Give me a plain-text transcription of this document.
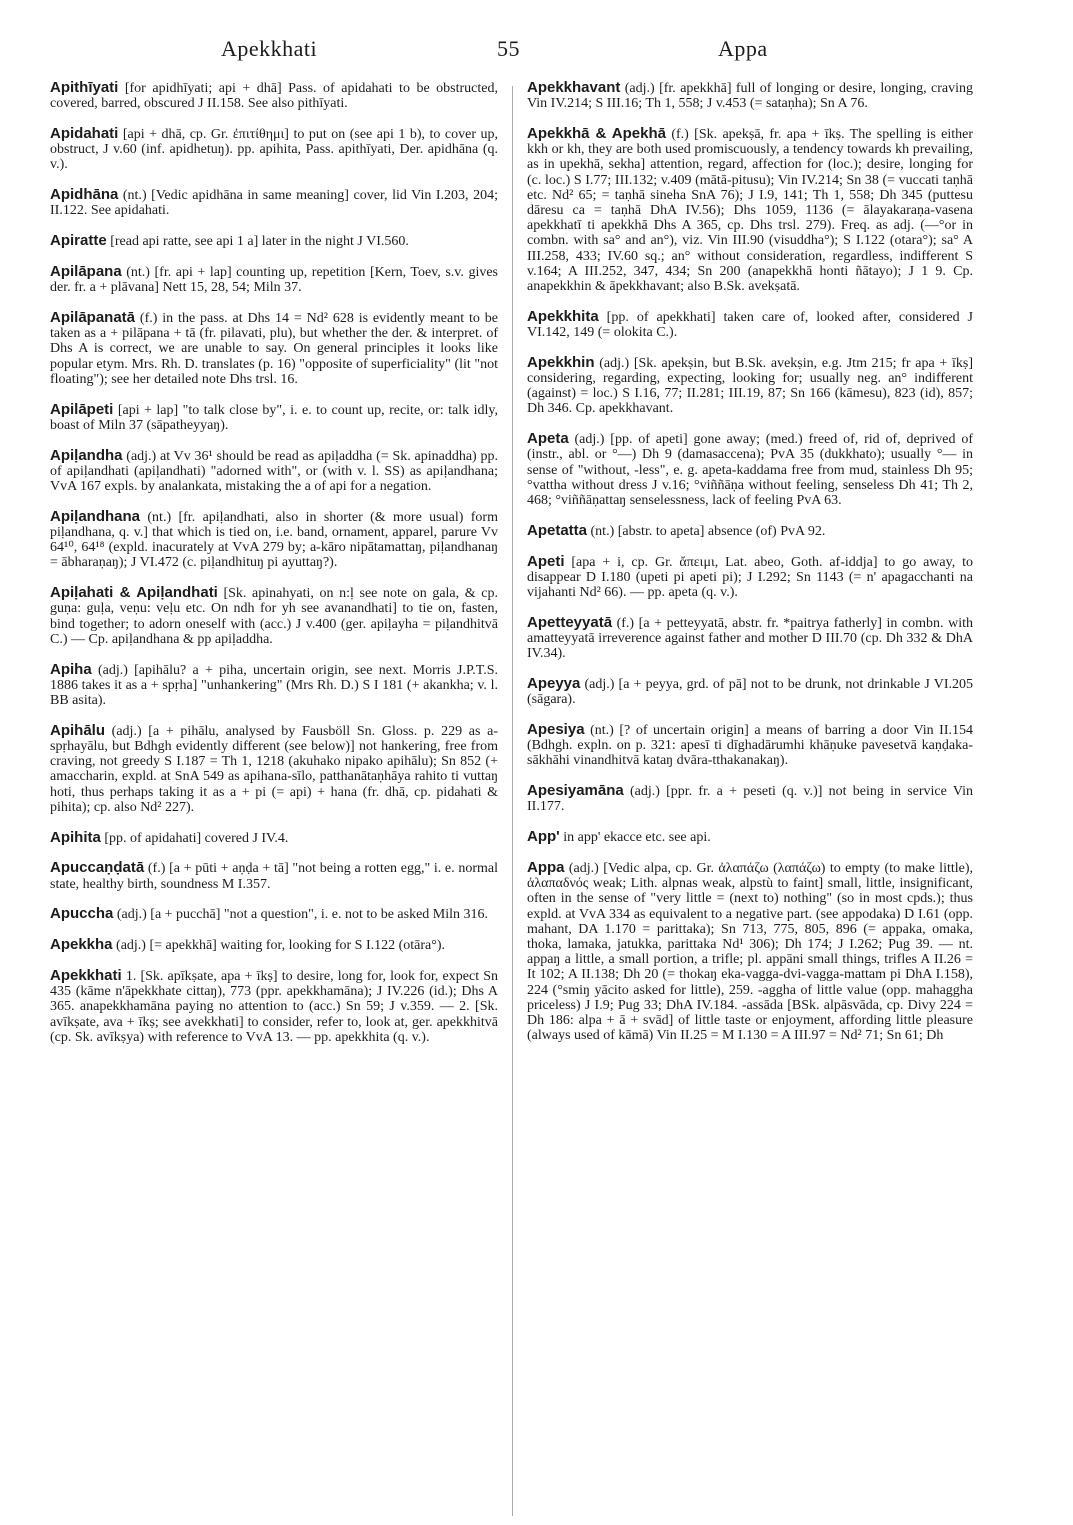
Apekkhati	55	Appa

Apithīyati [for apidhīyati; api + dhā] Pass. of apidahati to be obstructed, covered, barred, obscured J II.158. See also pithīyati.

Apidahati [api + dhā, cp. Gr. ἐπιτίθημι] to put on (see api 1 b), to cover up, obstruct, J v.60 (inf. apidhetuŋ). pp. apihita, Pass. apithīyati, Der. apidhāna (q. v.).

Apidhāna (nt.) [Vedic apidhāna in same meaning] cover, lid Vin I.203, 204; II.122. See apidahati.

Apiratte [read api ratte, see api 1 a] later in the night J VI.560.

Apilāpana (nt.) [fr. api + lap] counting up, repetition [Kern, Toev, s.v. gives der. fr. a + plāvana] Nett 15, 28, 54; Miln 37.

Apilāpanatā (f.) in the pass. at Dhs 14 = Nd² 628 is evidently meant to be taken as a + pilāpana + tā (fr. pilavati, plu), but whether the der. & interpret. of Dhs A is correct, we are unable to say. On general principles it looks like popular etym. Mrs. Rh. D. translates (p. 16) "opposite of superficiality" (lit "not floating"); see her detailed note Dhs trsl. 16.

Apilāpeti [api + lap] "to talk close by", i. e. to count up, recite, or: talk idly, boast of Miln 37 (sāpatheyyaŋ).

Apiḷandha (adj.) at Vv 36¹ should be read as apiḷaddha (= Sk. apinaddha) pp. of apiḷandhati (apiḷandhati) "adorned with", or (with v. l. SS) as apiḷandhana; VvA 167 expls. by analankata, mistaking the a of api for a negation.

Apiḷandhana (nt.) [fr. apiḷandhati, also in shorter (& more usual) form piḷandhana, q. v.] that which is tied on, i.e. band, ornament, apparel, parure Vv 64¹⁰, 64¹⁸ (expld. inacurately at VvA 279 by; a-kāro nipātamattaŋ, piḷandhanaŋ = ābharaṇaŋ); J VI.472 (c. piḷandhituŋ pi ayuttaŋ?).

Apiḷahati & Apiḷandhati [Sk. apinahyati, on n:ḷ see note on gala, & cp. guṇa: guḷa, veṇu: veḷu etc. On ndh for yh see avanandhati] to tie on, fasten, bind together; to adorn oneself with (acc.) J v.400 (ger. apiḷayha = piḷandhitvā C.) — Cp. apiḷandhana & pp apiḷaddha.

Apiha (adj.) [apihālu? a + piha, uncertain origin, see next. Morris J.P.T.S. 1886 takes it as a + spṛha] "unhankering" (Mrs Rh. D.) S I 181 (+ akankha; v. l. BB asita).

Apihālu (adj.) [a + pihālu, analysed by Fausböll Sn. Gloss. p. 229 as a-spṛhayālu, but Bdhgh evidently different (see below)] not hankering, free from craving, not greedy S I.187 = Th 1, 1218 (akuhako nipako apihālu); Sn 852 (+ amaccharin, expld. at SnA 549 as apihana-sīlo, patthanātaṇhāya rahito ti vuttaŋ hoti, thus perhaps taking it as a + pi (= api) + hana (fr. dhā, cp. pidahati & pihita); cp. also Nd² 227).

Apihita [pp. of apidahati] covered J IV.4.

Apuccaṇḍatā (f.) [a + pūti + aṇḍa + tā] "not being a rotten egg," i. e. normal state, healthy birth, soundness M I.357.

Apuccha (adj.) [a + pucchā] "not a question", i. e. not to be asked Miln 316.

Apekkha (adj.) [= apekkhā] waiting for, looking for S I.122 (otāra°).

Apekkhati 1. [Sk. apīkṣate, apa + īkṣ] to desire, long for, look for, expect Sn 435 (kāme n'āpekkhate cittaŋ), 773 (ppr. apekkhamāna); J IV.226 (id.); Dhs A 365. anapekkhamāna paying no attention to (acc.) Sn 59; J v.359. — 2. [Sk. avīkṣate, ava + īkṣ; see avekkhati] to consider, refer to, look at, ger. apekkhitvā (cp. Sk. avīkṣya) with reference to VvA 13. — pp. apekkhita (q. v.).

Apekkhavant (adj.) [fr. apekkhā] full of longing or desire, longing, craving Vin IV.214; S III.16; Th 1, 558; J v.453 (= sataṇha); Sn A 76.

Apekkhā & Apekhā (f.) [Sk. apekṣā, fr. apa + īkṣ. The spelling is either kkh or kh, they are both used promiscuously, a tendency towards kh prevailing, as in upekhā, sekha] attention, regard, affection for (loc.); desire, longing for (c. loc.) S I.77; III.132; v.409 (mātā-pitusu); Vin IV.214; Sn 38 (= vuccati taṇhā etc. Nd² 65; = taṇhā sineha SnA 76); J I.9, 141; Th 1, 558; Dh 345 (puttesu dāresu ca = taṇhā DhA IV.56); Dhs 1059, 1136 (= ālayakaraṇa-vasena apekkhatī ti apekkhā Dhs A 365, cp. Dhs trsl. 279). Freq. as adj. (—°or in combn. with sa° and an°), viz. Vin III.90 (visuddha°); S I.122 (otara°); sa° A III.258, 433; IV.60 sq.; an° without consideration, regardless, indifferent S v.164; A III.252, 347, 434; Sn 200 (anapekkhā honti ñātayo); J 1 9. Cp. anapekkhin & āpekkhavant; also B.Sk. avekṣatā.

Apekkhita [pp. of apekkhati] taken care of, looked after, considered J VI.142, 149 (= olokita C.).

Apekkhin (adj.) [Sk. apekṣin, but B.Sk. avekṣin, e.g. Jtm 215; fr apa + īkṣ] considering, regarding, expecting, looking for; usually neg. an° indifferent (against) = loc.) S I.16, 77; II.281; III.19, 87; Sn 166 (kāmesu), 823 (id), 857; Dh 346. Cp. apekkhavant.

Apeta (adj.) [pp. of apeti] gone away; (med.) freed of, rid of, deprived of (instr., abl. or °—) Dh 9 (damasaccena); PvA 35 (dukkhato); usually °— in sense of "without, -less", e. g. apeta-kaddama free from mud, stainless Dh 95; °vattha without dress J v.16; °viññāṇa without feeling, senseless Dh 41; Th 2, 468; °viññāṇattaŋ senselessness, lack of feeling PvA 63.

Apetatta (nt.) [abstr. to apeta] absence (of) PvA 92.

Apeti [apa + i, cp. Gr. ἄπειμι, Lat. abeo, Goth. af-iddja] to go away, to disappear D I.180 (upeti pi apeti pi); J I.292; Sn 1143 (= n' apagacchanti na vijahanti Nd² 66). — pp. apeta (q. v.).

Apetteyyatā (f.) [a + petteyyatā, abstr. fr. *paitrya fatherly] in combn. with amatteyyatā irreverence against father and mother D III.70 (cp. Dh 332 & DhA IV.34).

Apeyya (adj.) [a + peyya, grd. of pā] not to be drunk, not drinkable J VI.205 (sāgara).

Apesiya (nt.) [? of uncertain origin] a means of barring a door Vin II.154 (Bdhgh. expln. on p. 321: apesī ti dīghadārumhi khāṇuke pavesetvā kaṇḍaka-sākhāhi vinandhitvā kataŋ dvāra-tthakanakaŋ).

Apesiyamāna (adj.) [ppr. fr. a + peseti (q. v.)] not being in service Vin II.177.

App' in app' ekacce etc. see api.

Appa (adj.) [Vedic alpa, cp. Gr. ἀλαπάζω (λαπάζω) to empty (to make little), ἀλαπαδνός weak; Lith. alpnas weak, alpstù to faint] small, little, insignificant, often in the sense of "very little = (next to) nothing" (so in most cpds.); thus expld. at VvA 334 as equivalent to a negative part. (see appodaka) D I.61 (opp. mahant, DA 1.170 = parittaka); Sn 713, 775, 805, 896 (= appaka, omaka, thoka, lamaka, jatukka, parittaka Nd¹ 306); Dh 174; J I.262; Pug 39. — nt. appaŋ a little, a small portion, a trifle; pl. appāni small things, trifles A II.26 = It 102; A II.138; Dh 20 (= thokaŋ eka-vagga-dvi-vagga-mattam pi DhA I.158), 224 (°smiŋ yācito asked for little), 259. -aggha of little value (opp. mahaggha priceless) J I.9; Pug 33; DhA IV.184. -assāda [BSk. alpāsvāda, cp. Divy 224 = Dh 186: alpa + ā + svād] of little taste or enjoyment, affording little pleasure (always used of kāmā) Vin II.25 = M I.130 = A III.97 = Nd² 71; Sn 61; Dh
